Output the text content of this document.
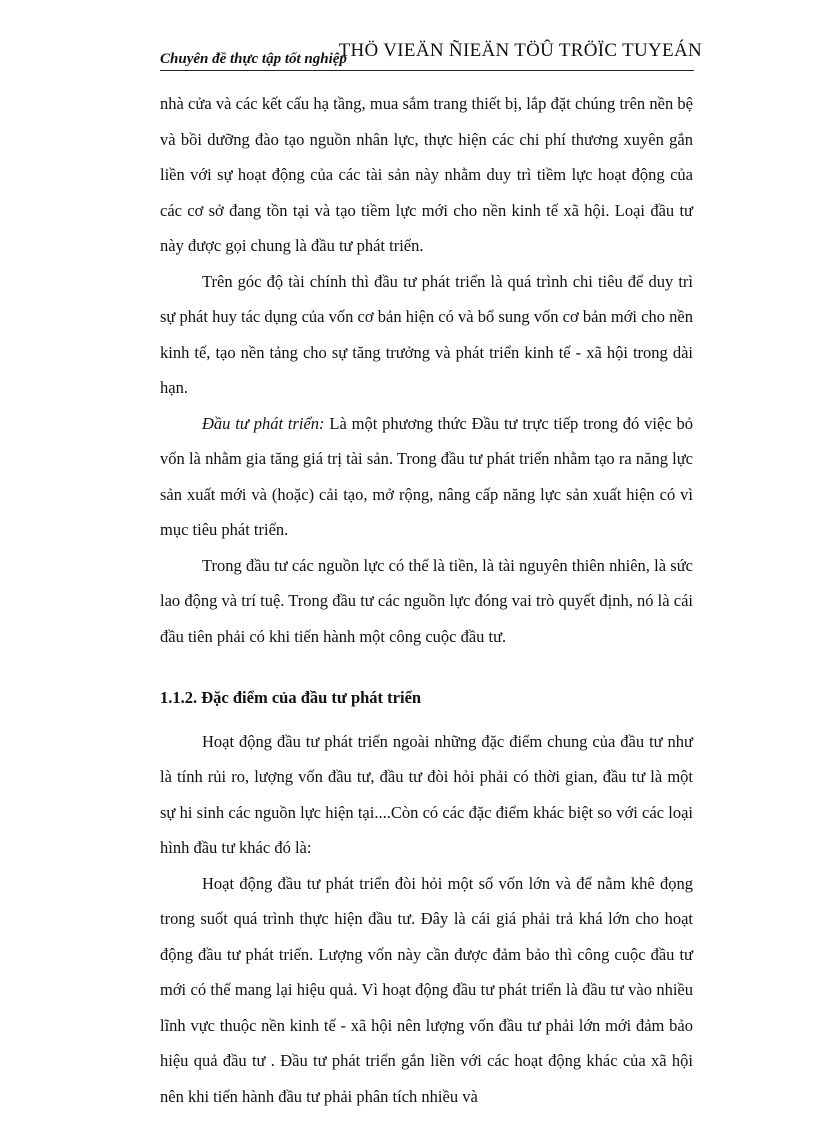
Chuyên đề thực tập tốt nghiệp
THÖ VIEÄN ÑIEÄN TÖÛ TRÖÏC TUYEÁN

nhà cửa và các kết cấu hạ tầng, mua sắm trang thiết bị, lắp đặt chúng trên nền bệ và bồi dưỡng đào tạo nguồn nhân lực, thực hiện các chi phí thương xuyên gắn liền với sự hoạt động của các tài sản này nhằm duy trì tiềm lực hoạt động của các cơ sở đang tồn tại và tạo tiềm lực mới cho nền kinh tế xã hội. Loại đầu tư này được gọi chung là đầu tư phát triển.

Trên góc độ tài chính thì đầu tư phát triển là quá trình chi tiêu để duy trì sự phát huy tác dụng của vốn cơ bản hiện có và bổ sung vốn cơ bản mới cho nền kinh tế, tạo nền tảng cho sự tăng trưởng và phát triển kinh tế - xã hội trong dài hạn.

Đầu tư phát triển: Là một phương thức Đầu tư trực tiếp trong đó việc bỏ vốn là nhằm gia tăng giá trị tài sản. Trong đầu tư phát triển nhằm tạo ra năng lực sản xuất mới và (hoặc) cải tạo, mở rộng, nâng cấp năng lực sản xuất hiện có vì mục tiêu phát triển.

Trong đầu tư các nguồn lực có thể là tiền, là tài nguyên thiên nhiên, là sức lao động và trí tuệ. Trong đầu tư các nguồn lực đóng vai trò quyết định, nó là cái đầu tiên phải có khi tiến hành một công cuộc đầu tư.

1.1.2. Đặc điểm của đầu tư phát triển

Hoạt động đầu tư phát triển ngoài những đặc điểm chung của đầu tư như là tính rủi ro, lượng vốn đầu tư, đầu tư đòi hỏi phải có thời gian, đầu tư là một sự hi sinh các nguồn lực hiện tại....Còn có các đặc điểm khác biệt so với các loại hình đầu tư khác đó là:

Hoạt động đầu tư phát triển đòi hỏi một số vốn lớn và để nằm khê đọng trong suốt quá trình thực hiện đầu tư. Đây là cái giá phải trả khá lớn cho hoạt động đầu tư phát triển. Lượng vốn này cần được đảm bảo thì công cuộc đầu tư mới có thể mang lại hiệu quả. Vì hoạt động đầu tư phát triển là đầu tư vào nhiều lĩnh vực thuộc nền kinh tế - xã hội nên lượng vốn đầu tư phải lớn mới đảm bảo hiệu quả đầu tư . Đầu tư phát triển gắn liền với các hoạt động khác của xã hội nên khi tiến hành đầu tư phải phân tích nhiều và
